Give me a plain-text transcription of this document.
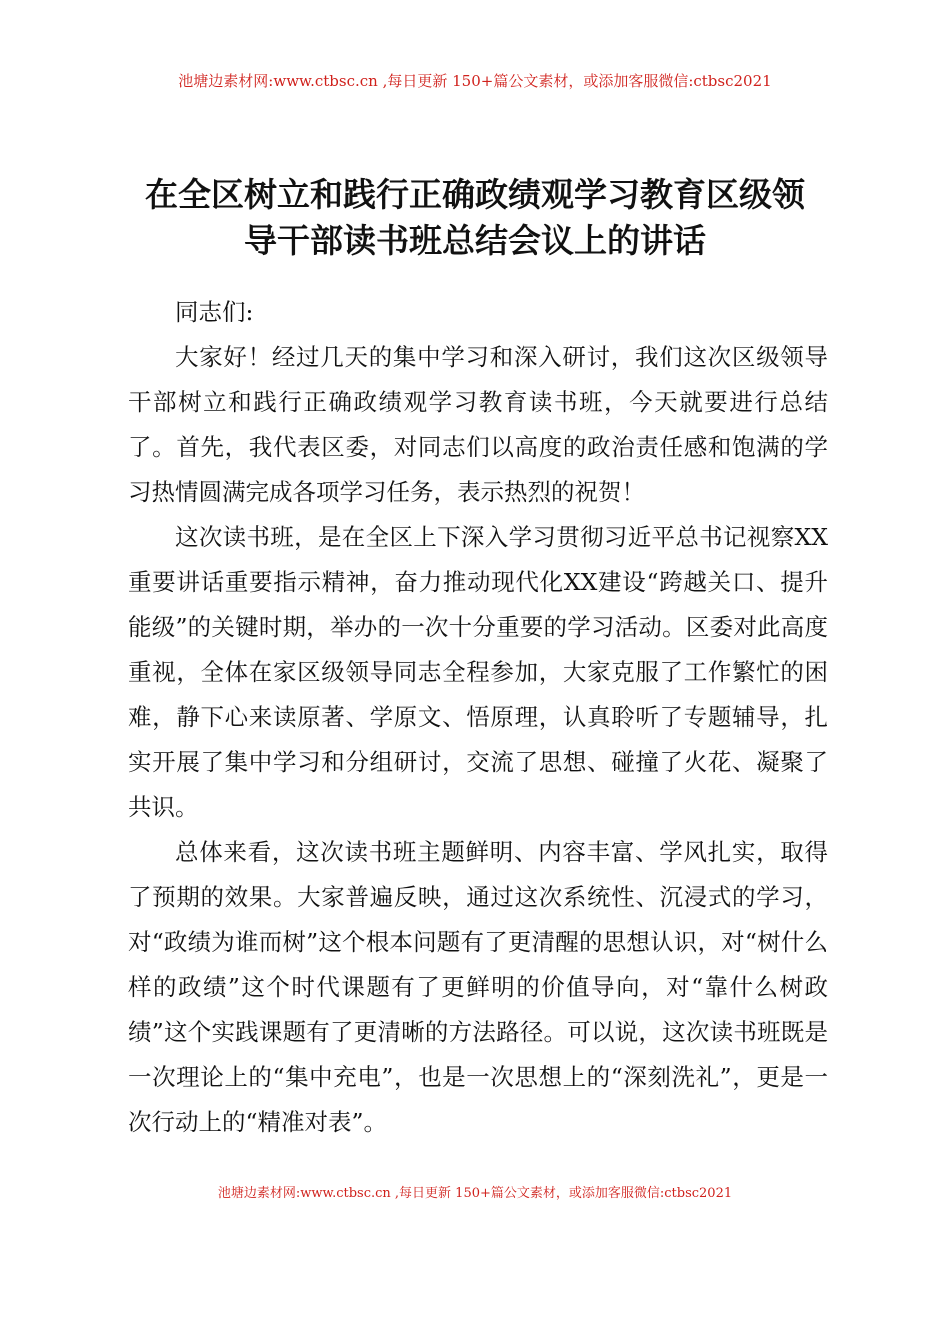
池塘边素材网:www.ctbsc.cn ,每日更新 150+篇公文素材，或添加客服微信:ctbsc2021
在全区树立和践行正确政绩观学习教育区级领
导干部读书班总结会议上的讲话

同志们:

大家好！经过几天的集中学习和深入研讨，我们这次区级领导干部树立和践行正确政绩观学习教育读书班，今天就要进行总结了。首先，我代表区委，对同志们以高度的政治责任感和饱满的学习热情圆满完成各项学习任务，表示热烈的祝贺！

这次读书班，是在全区上下深入学习贯彻习近平总书记视察XX重要讲话重要指示精神，奋力推动现代化XX建设“跨越关口、提升能级”的关键时期，举办的一次十分重要的学习活动。区委对此高度重视，全体在家区级领导同志全程参加，大家克服了工作繁忙的困难，静下心来读原著、学原文、悟原理，认真聆听了专题辅导，扎实开展了集中学习和分组研讨，交流了思想、碰撞了火花、凝聚了共识。

总体来看，这次读书班主题鲜明、内容丰富、学风扎实，取得了预期的效果。大家普遍反映，通过这次系统性、沉浸式的学习，对“政绩为谁而树”这个根本问题有了更清醒的思想认识，对“树什么样的政绩”这个时代课题有了更鲜明的价值导向，对“靠什么树政绩”这个实践课题有了更清晰的方法路径。可以说，这次读书班既是一次理论上的“集中充电”，也是一次思想上的“深刻洗礼”，更是一次行动上的“精准对表”。

池塘边素材网:www.ctbsc.cn ,每日更新 150+篇公文素材，或添加客服微信:ctbsc2021
